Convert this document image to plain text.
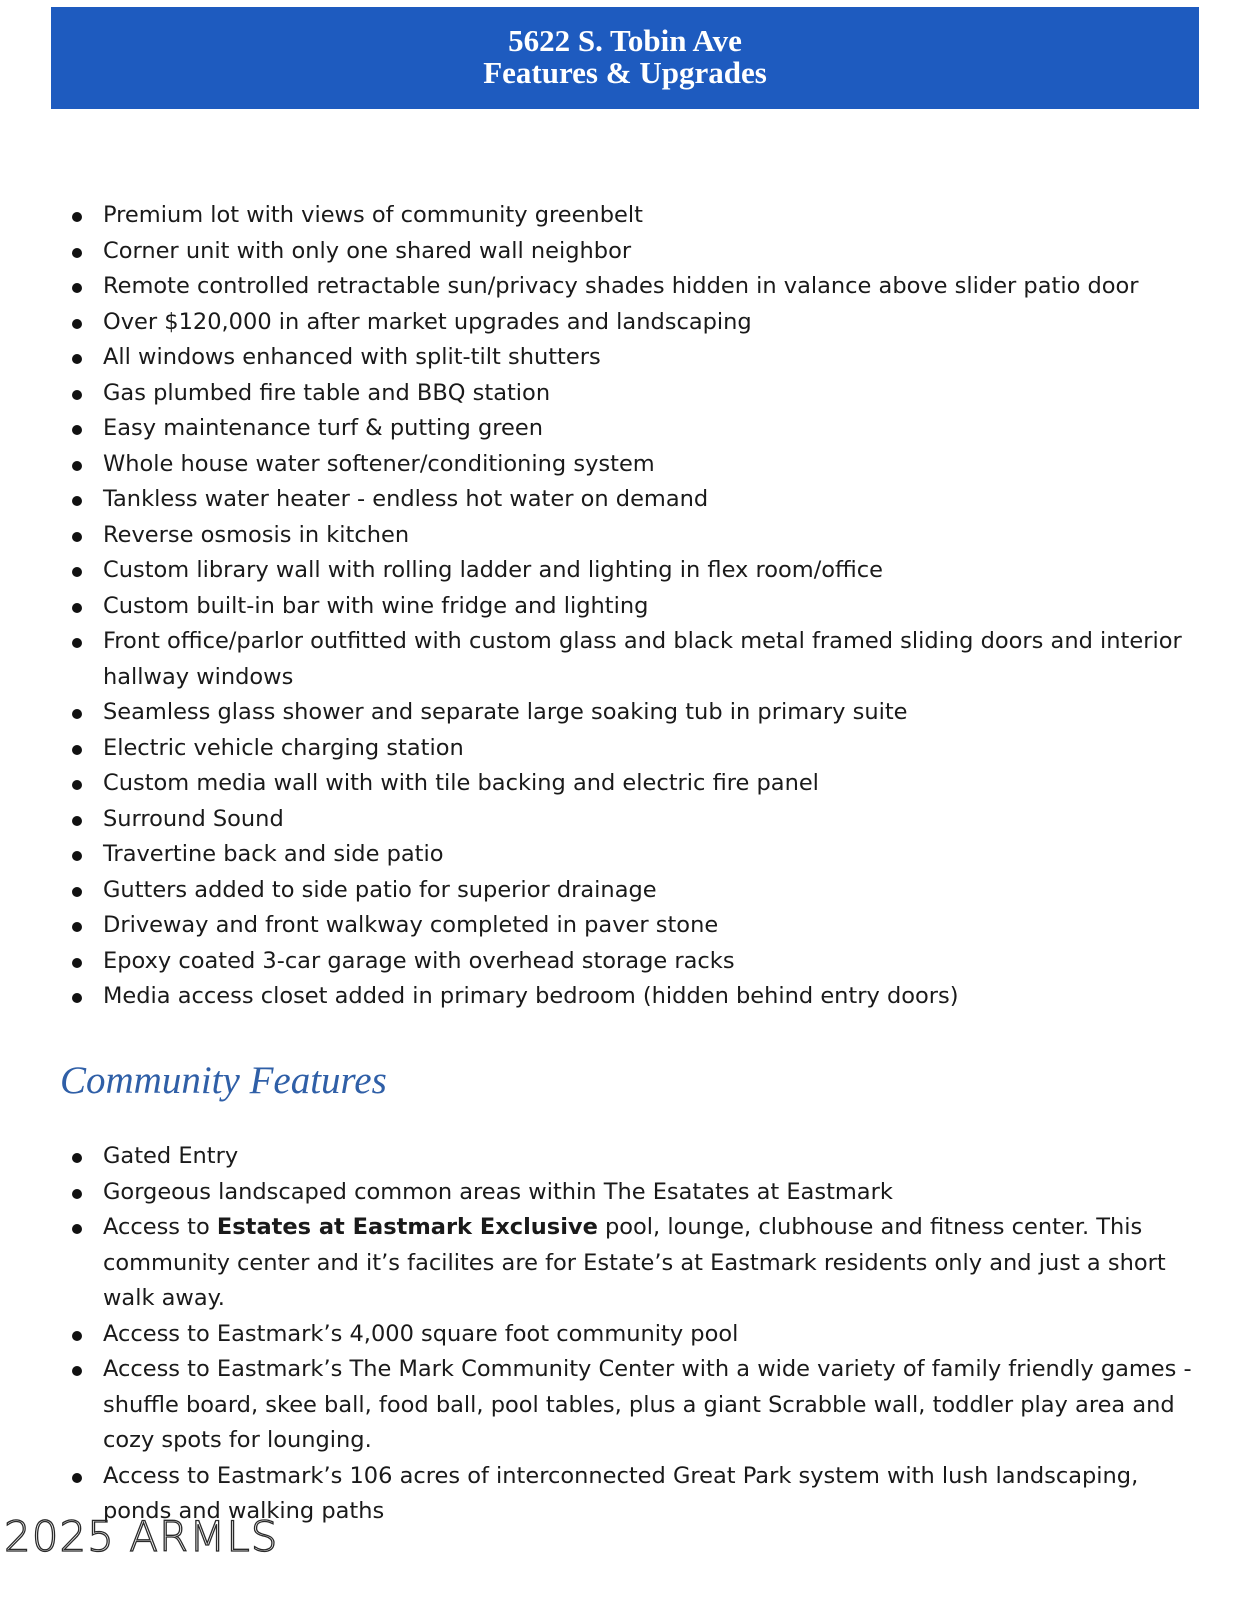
5622 S. Tobin Ave
Features & Upgrades
Premium lot with views of community greenbelt
Corner unit with only one shared wall neighbor
Remote controlled retractable sun/privacy shades hidden in valance above slider patio door
Over $120,000 in after market upgrades and landscaping
All windows enhanced with split-tilt shutters
Gas plumbed fire table and BBQ station
Easy maintenance turf & putting green
Whole house water softener/conditioning system
Tankless water heater - endless hot water on demand
Reverse osmosis in kitchen
Custom library wall with rolling ladder and lighting in flex room/office
Custom built-in bar with wine fridge and lighting
Front office/parlor outfitted with custom glass and black metal framed sliding doors and interior hallway windows
Seamless glass shower and separate large soaking tub in primary suite
Electric vehicle charging station
Custom media wall with with tile backing and electric fire panel
Surround Sound
Travertine back and side patio
Gutters added to side patio for superior drainage
Driveway and front walkway completed in paver stone
Epoxy coated 3-car garage with overhead storage racks
Media access closet added in primary bedroom (hidden behind entry doors)
Community Features
Gated Entry
Gorgeous landscaped common areas within The Esatates at Eastmark
Access to Estates at Eastmark Exclusive pool, lounge, clubhouse and fitness center. This community center and it’s facilites are for Estate’s at Eastmark residents only and just a short walk away.
Access to Eastmark’s 4,000 square foot community pool
Access to Eastmark’s The Mark Community Center with a wide variety of family friendly games - shuffle board, skee ball, food ball, pool tables, plus a giant Scrabble wall, toddler play area and cozy spots for lounging.
Access to Eastmark’s 106 acres of interconnected Great Park system with lush landscaping, ponds and walking paths
2025 ARMLS
